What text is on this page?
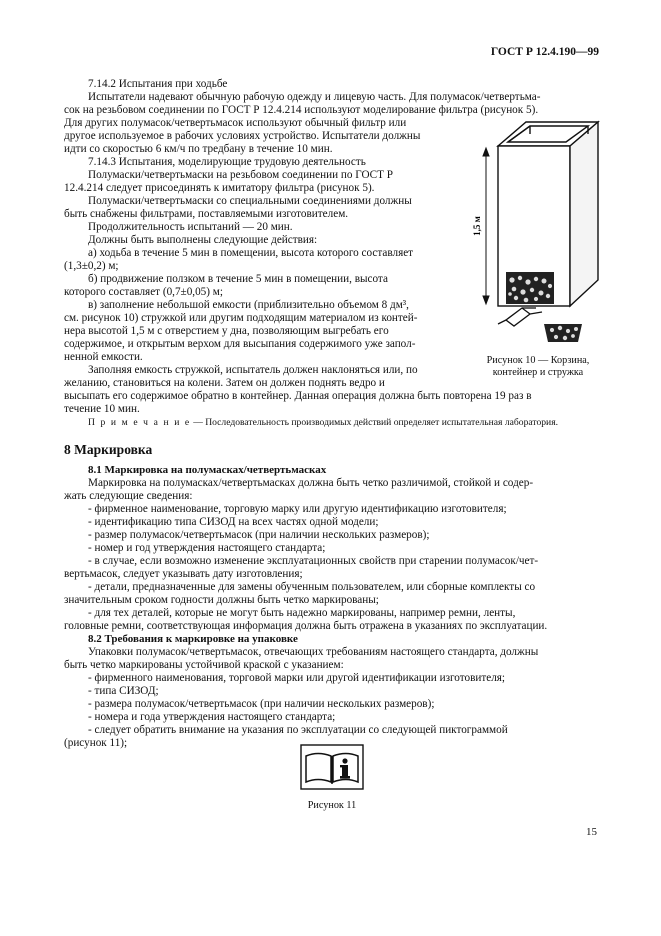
ГОСТ Р 12.4.190—99
7.14.2 Испытания при ходьбе
Испытатели надевают обычную рабочую одежду и лицевую часть. Для полумасок/четвертьма-
сок на резьбовом соединении по ГОСТ Р 12.4.214 используют моделирование фильтра (рисунок 5).
Для других полумасок/четвертьмасок используют обычный фильтр или
другое используемое в рабочих условиях устройство. Испытатели должны
идти со скоростью 6 км/ч по тредбану в течение 10 мин.
7.14.3 Испытания, моделирующие трудовую деятельность
Полумаски/четвертьмаски на резьбовом соединении по ГОСТ Р
12.4.214 следует присоединять к имитатору фильтра (рисунок 5).
Полумаски/четвертьмаски со специальными соединениями должны
быть снабжены фильтрами, поставляемыми изготовителем.
Продолжительность испытаний — 20 мин.
Должны быть выполнены следующие действия:
а) ходьба в течение 5 мин в помещении, высота которого составляет
(1,3±0,2) м;
б) продвижение ползком в течение 5 мин в помещении, высота
которого составляет (0,7±0,05) м;
в) заполнение небольшой емкости (приблизительно объемом 8 дм³,
см. рисунок 10) стружкой или другим подходящим материалом из контей-
нера высотой 1,5 м с отверстием у дна, позволяющим выгребать его
содержимое, и открытым верхом для высыпания содержимого уже запол-
ненной емкости.
Заполняя емкость стружкой, испытатель должен наклоняться или, по
желанию, становиться на колени. Затем он должен поднять ведро и
высыпать его содержимое обратно в контейнер. Данная операция должна быть повторена 19 раз в
течение 10 мин.
П р и м е ч а н и е — Последовательность производимых действий определяет испытательная лаборатория.
1,5 м
Рисунок 10 — Корзина,
контейнер и стружка
8 Маркировка
8.1 Маркировка на полумасках/четвертьмасках
Маркировка на полумасках/четвертьмасках должна быть четко различимой, стойкой и содер-
жать следующие сведения:
- фирменное наименование, торговую марку или другую идентификацию изготовителя;
- идентификацию типа СИЗОД на всех частях одной модели;
- размер полумасок/четвертьмасок (при наличии нескольких размеров);
- номер и год утверждения настоящего стандарта;
- в случае, если возможно изменение эксплуатационных свойств при старении полумасок/чет-
вертьмасок, следует указывать дату изготовления;
- детали, предназначенные для замены обученным пользователем, или сборные комплекты со
значительным сроком годности должны быть четко маркированы;
- для тех деталей, которые не могут быть надежно маркированы, например ремни, ленты,
головные ремни, соответствующая информация должна быть отражена в указаниях по эксплуатации.
8.2 Требования к маркировке на упаковке
Упаковки полумасок/четвертьмасок, отвечающих требованиям настоящего стандарта, должны
быть четко маркированы устойчивой краской с указанием:
- фирменного наименования, торговой марки или другой идентификации изготовителя;
- типа СИЗОД;
- размера полумасок/четвертьмасок (при наличии нескольких размеров);
- номера и года утверждения настоящего стандарта;
- следует обратить внимание на указания по эксплуатации со следующей пиктограммой
(рисунок 11);
Рисунок 11
15
